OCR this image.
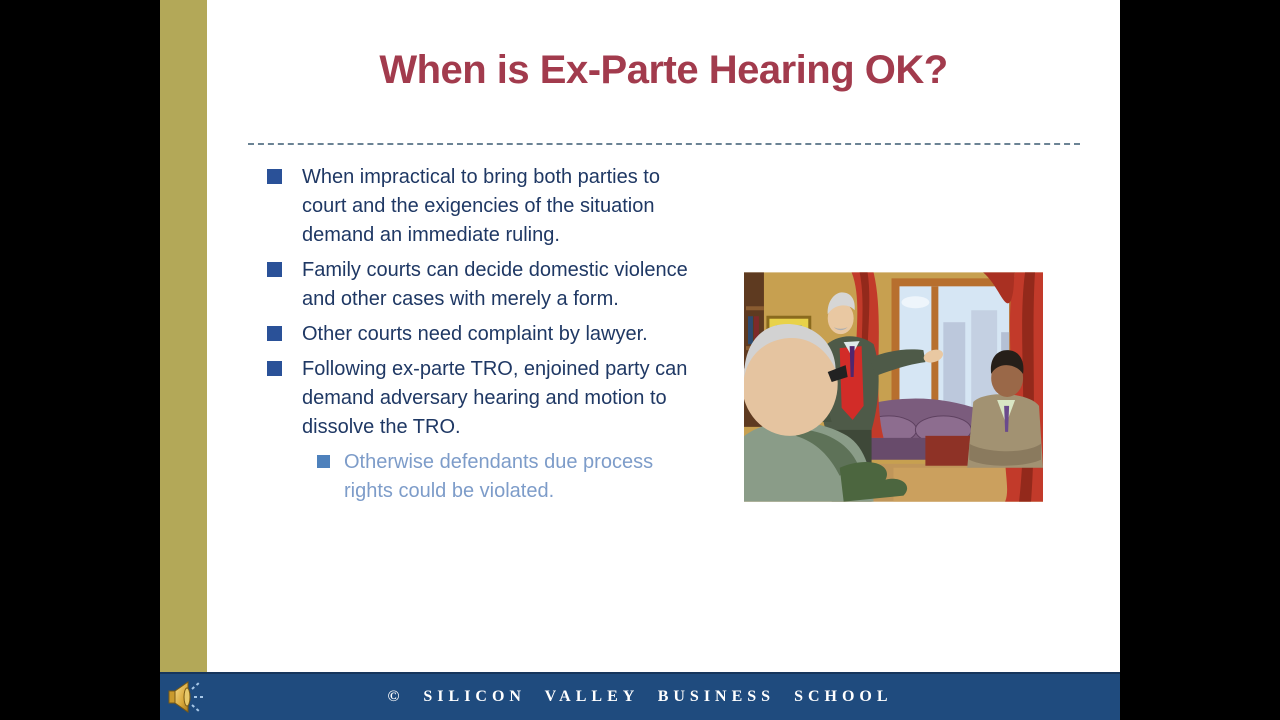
When is Ex-Parte Hearing OK?
When impractical to bring both parties to court and the exigencies of the situation demand an immediate ruling.
Family courts can decide domestic violence and other cases with merely a form.
Other courts need complaint by lawyer.
Following ex-parte TRO, enjoined party can demand adversary hearing and motion to dissolve the TRO.
Otherwise defendants due process rights could be violated.
© SILICON VALLEY BUSINESS SCHOOL
